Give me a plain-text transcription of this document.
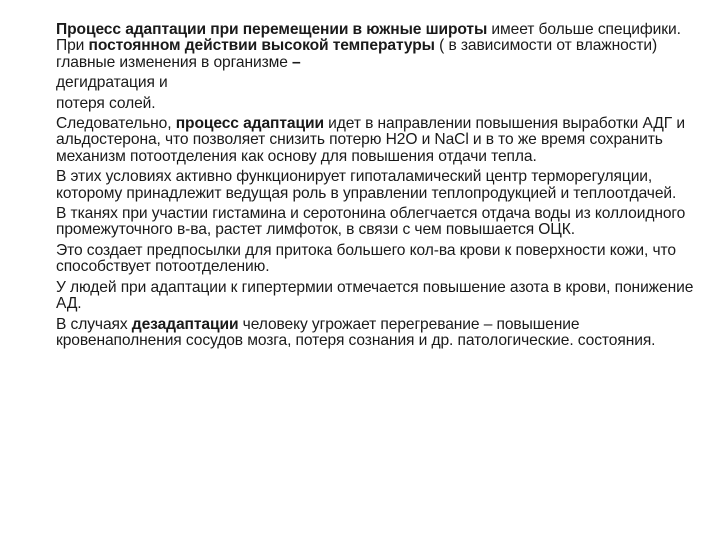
Процесс адаптации при перемещении в южные широты имеет больше специфики. При постоянном действии высокой температуры ( в зависимости от влажности) главные изменения в организме –

дегидратация и

потеря солей.

Следовательно, процесс адаптации идет в направлении повышения выработки АДГ и альдостерона, что позволяет снизить потерю H2O и NaCl и в то же время сохранить механизм потоотделения как основу для повышения отдачи тепла.

В этих условиях активно функционирует гипоталамический центр терморегуляции, которому принадлежит ведущая роль в управлении теплопродукцией и теплоотдачей.

В тканях при участии гистамина и серотонина облегчается отдача воды из коллоидного промежуточного в-ва, растет лимфоток, в связи с чем повышается ОЦК.

Это создает предпосылки для притока большего кол-ва крови к поверхности кожи, что способствует потоотделению.

У людей при адаптации к гипертермии отмечается повышение азота в крови, понижение АД.

В случаях дезадаптации человеку угрожает перегревание – повышение кровенаполнения сосудов мозга, потеря сознания и др. патологические. состояния.
